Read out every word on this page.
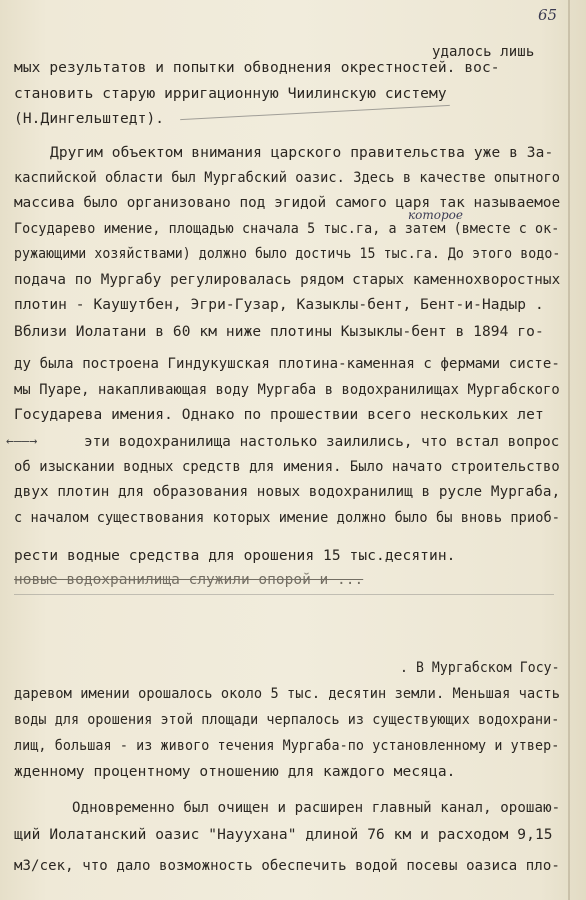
65
удалось лишь
мых результатов и попытки обводнения окрестностей. вос-
становить старую ирригационную Чиилинскую систему
(Н.Дингельштедт).
Другим объектом внимания царского правительства уже в За-
каспийской области был Мургабский оазис. Здесь в качестве опытного
массива было организовано под эгидой самого царя так называемое
которое
Государево имение, площадью сначала 5 тыс.га, а затем (вместе с ок-
ружающими хозяйствами) должно было достичь 15 тыс.га. До этого водо-
подача по Мургабу регулировалась рядом старых каменнохворостных
плотин - Каушутбен, Эгри-Гузар, Казыклы-бент, Бент-и-Надыр .
Вблизи Иолатани в 60 км ниже плотины Кызыклы-бент в 1894 го-
ду была построена Гиндукушская плотина-каменная с фермами систе-
мы Пуаре, накапливающая воду Мургаба в водохранилищах Мургабского
Государева имения. Однако по прошествии всего нескольких лет
←——→	эти водохранилища настолько заилились, что встал вопрос
об изыскании водных средств для имения. Было начато строительство
двух плотин для образования новых водохранилищ в русле Мургаба,
с началом существования которых имение должно было бы вновь приоб-
рести водные средства для орошения 15 тыс.десятин.
новые водохранилища служили опорой и ...
. В Мургабском Госу-
даревом имении орошалось около 5 тыс. десятин земли. Меньшая часть
воды для орошения этой площади черпалось из существующих водохрани-
лищ, большая - из живого течения Мургаба-по установленному и утвер-
жденному процентному отношению для каждого месяца.
Одновременно был очищен и расширен главный канал, орошаю-
щий Иолатанский оазис "Науухана" длиной 76 км и расходом 9,15
м3/сек, что дало возможность обеспечить водой посевы оазиса пло-
